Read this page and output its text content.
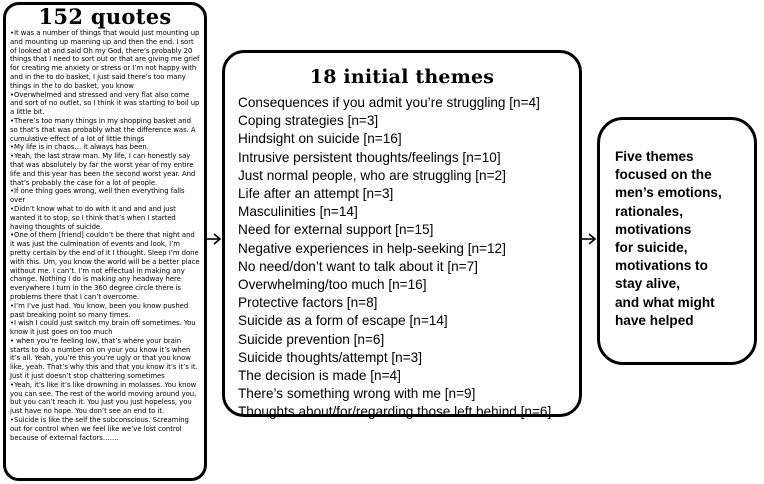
152 quotes

•It was a number of things that would just mounting up and mounting up manning up and then the end. I sort of looked at and said Oh my God, there’s probably 20 things that I need to sort out or that are giving me grief for creating me anxiety or stress or I’m not happy with and in the to do basket, I just said there’s too many things in the to do basket, you know

•Overwhelmed and stressed and very flat also come and sort of no outlet, so I think it was starting to boil up a little bit.

•There’s too many things in my shopping basket and so that’s that was probably what the difference was. A cumulative effect of a lot of little things

•My life is in chaos… it always has been.

•Yeah, the last straw man. My life, I can honestly say that was absolutely by far the worst year of my entire life and this year has been the second worst year. And that’s probably the case for a lot of people.

•If one thing goes wrong, well then everything falls over

•Didn’t know what to do with it and and and just wanted it to stop, so I think that’s when I started having thoughts of suicide.

•One of them [friend] couldn’t be there that night and it was just the culmination of events and look, I’m pretty certain by the end of it I thought. Sleep I’m done with this. Um, you know the world will be a better place without me. I can’t. I’m not effectual in making any change. Nothing I do is making any headway here everywhere I turn in the 360 degree circle there is problems there that I can’t overcome.

•I’m I’ve just had. You know, been you know pushed past breaking point so many times.

•I wish I could just switch my brain off sometimes. You know it just goes on too much

• when you’re feeling low, that’s where your brain starts to do a number on on your you know it’s when it’s all. Yeah, you’re this you’re ugly or that you know like, yeah. That’s why this and that you know it’s it’s it. Just it just doesn’t stop chattering sometimes

•Yeah, it’s like it’s like drowning in molasses. You know you can see. The rest of the world moving around you, but you can’t reach it. You just you just hopeless, you just have no hope. You don’t see an end to it.

•Suicide is like the self the subconscious. Screaming out for control when we feel like we’ve lost control because of external factors…….

18 initial themes
Consequences if you admit you’re struggling [n=4]
Coping strategies [n=3]
Hindsight on suicide [n=16]
Intrusive persistent thoughts/feelings [n=10]
Just normal people, who are struggling [n=2]
Life after an attempt [n=3]
Masculinities [n=14]
Need for external support [n=15]
Negative experiences in help-seeking [n=12]
No need/don’t want to talk about it [n=7]
Overwhelming/too much [n=16]
Protective factors [n=8]
Suicide as a form of escape [n=14]
Suicide prevention [n=6]
Suicide thoughts/attempt [n=3]
The decision is made [n=4]
There’s something wrong with me [n=9]
Thoughts about/for/regarding those left behind [n=6]
Five themes
focused on the
men’s emotions,
rationales,
motivations
for suicide,
motivations to
stay alive,
and what might
have helped
